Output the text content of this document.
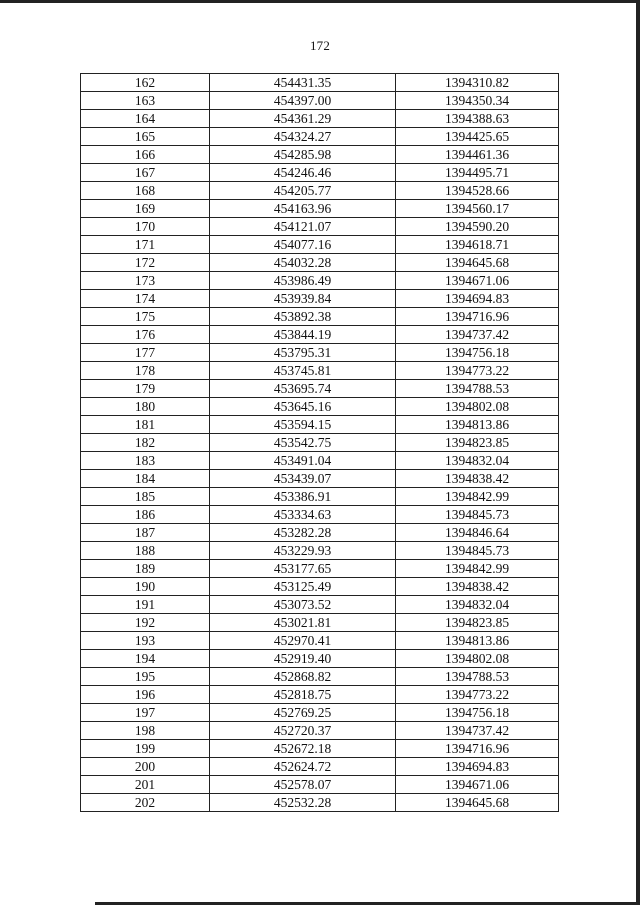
172
162	454431.35	1394310.82
163	454397.00	1394350.34
164	454361.29	1394388.63
165	454324.27	1394425.65
166	454285.98	1394461.36
167	454246.46	1394495.71
168	454205.77	1394528.66
169	454163.96	1394560.17
170	454121.07	1394590.20
171	454077.16	1394618.71
172	454032.28	1394645.68
173	453986.49	1394671.06
174	453939.84	1394694.83
175	453892.38	1394716.96
176	453844.19	1394737.42
177	453795.31	1394756.18
178	453745.81	1394773.22
179	453695.74	1394788.53
180	453645.16	1394802.08
181	453594.15	1394813.86
182	453542.75	1394823.85
183	453491.04	1394832.04
184	453439.07	1394838.42
185	453386.91	1394842.99
186	453334.63	1394845.73
187	453282.28	1394846.64
188	453229.93	1394845.73
189	453177.65	1394842.99
190	453125.49	1394838.42
191	453073.52	1394832.04
192	453021.81	1394823.85
193	452970.41	1394813.86
194	452919.40	1394802.08
195	452868.82	1394788.53
196	452818.75	1394773.22
197	452769.25	1394756.18
198	452720.37	1394737.42
199	452672.18	1394716.96
200	452624.72	1394694.83
201	452578.07	1394671.06
202	452532.28	1394645.68
